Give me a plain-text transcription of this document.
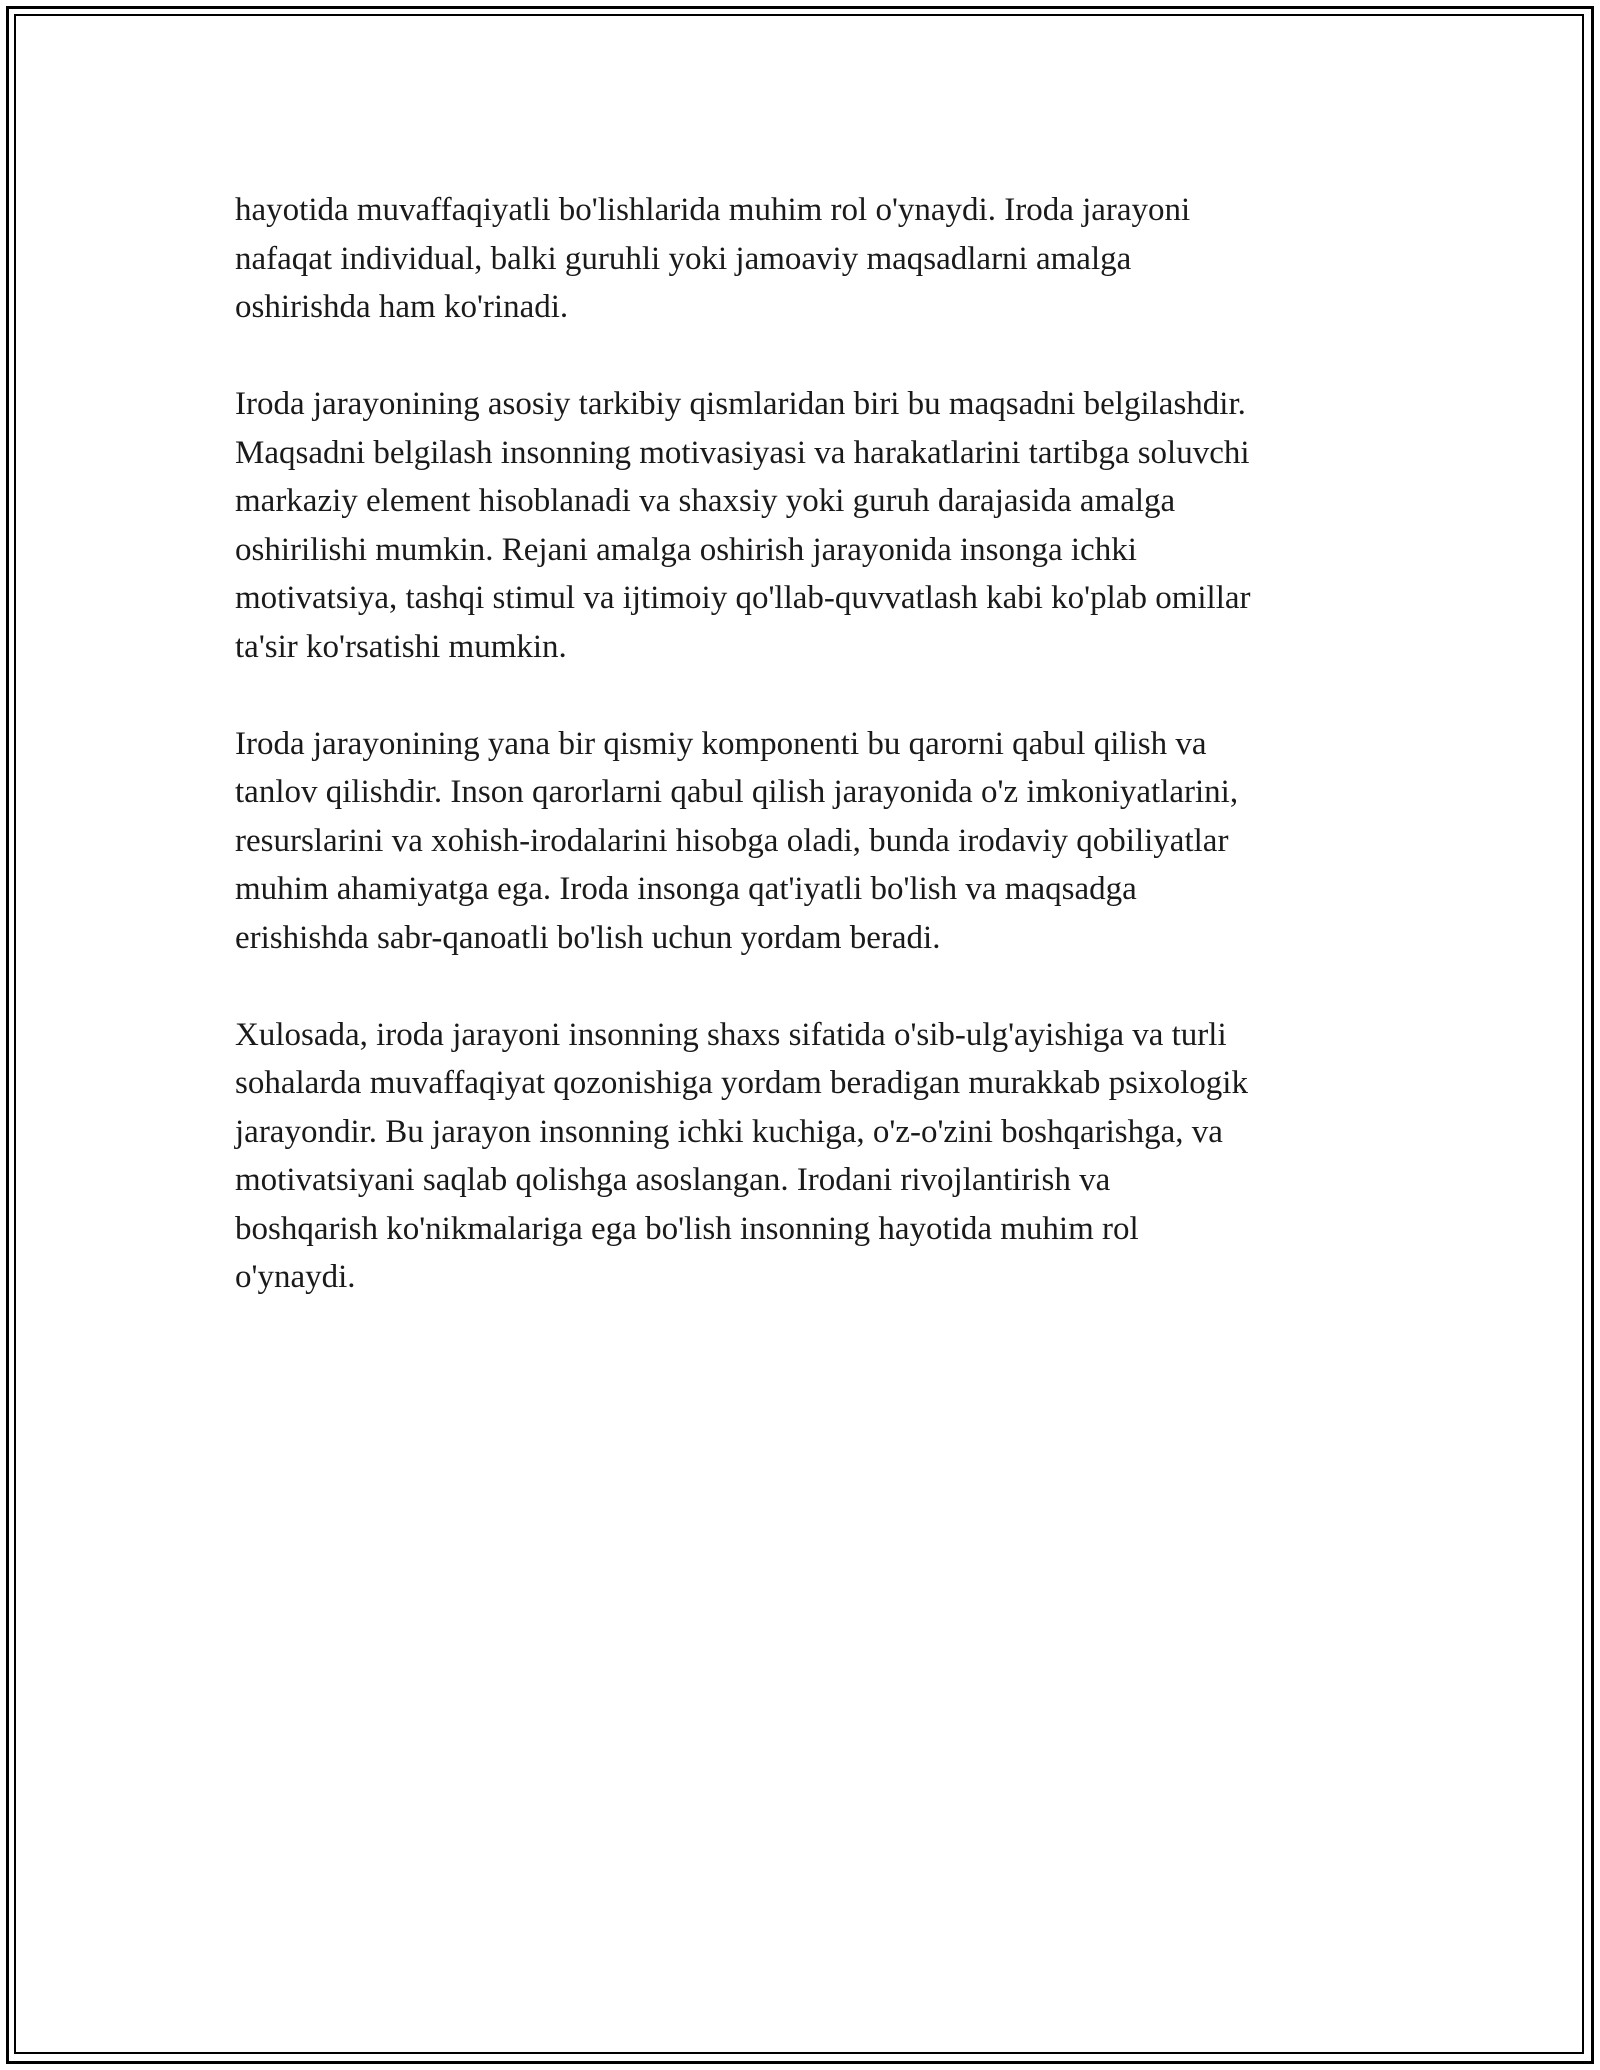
hayotida muvaffaqiyatli bo'lishlarida muhim rol o'ynaydi. Iroda jarayoni
nafaqat individual, balki guruhli yoki jamoaviy maqsadlarni amalga
oshirishda ham ko'rinadi.

Iroda jarayonining asosiy tarkibiy qismlaridan biri bu maqsadni belgilashdir.
Maqsadni belgilash insonning motivasiyasi va harakatlarini tartibga soluvchi
markaziy element hisoblanadi va shaxsiy yoki guruh darajasida amalga
oshirilishi mumkin. Rejani amalga oshirish jarayonida insonga ichki
motivatsiya, tashqi stimul va ijtimoiy qo'llab-quvvatlash kabi ko'plab omillar
ta'sir ko'rsatishi mumkin.

Iroda jarayonining yana bir qismiy komponenti bu qarorni qabul qilish va
tanlov qilishdir. Inson qarorlarni qabul qilish jarayonida o'z imkoniyatlarini,
resurslarini va xohish-irodalarini hisobga oladi, bunda irodaviy qobiliyatlar
muhim ahamiyatga ega. Iroda insonga qat'iyatli bo'lish va maqsadga
erishishda sabr-qanoatli bo'lish uchun yordam beradi.

Xulosada, iroda jarayoni insonning shaxs sifatida o'sib-ulg'ayishiga va turli
sohalarda muvaffaqiyat qozonishiga yordam beradigan murakkab psixologik
jarayondir. Bu jarayon insonning ichki kuchiga, o'z-o'zini boshqarishga, va
motivatsiyani saqlab qolishga asoslangan. Irodani rivojlantirish va
boshqarish ko'nikmalariga ega bo'lish insonning hayotida muhim rol
o'ynaydi.
